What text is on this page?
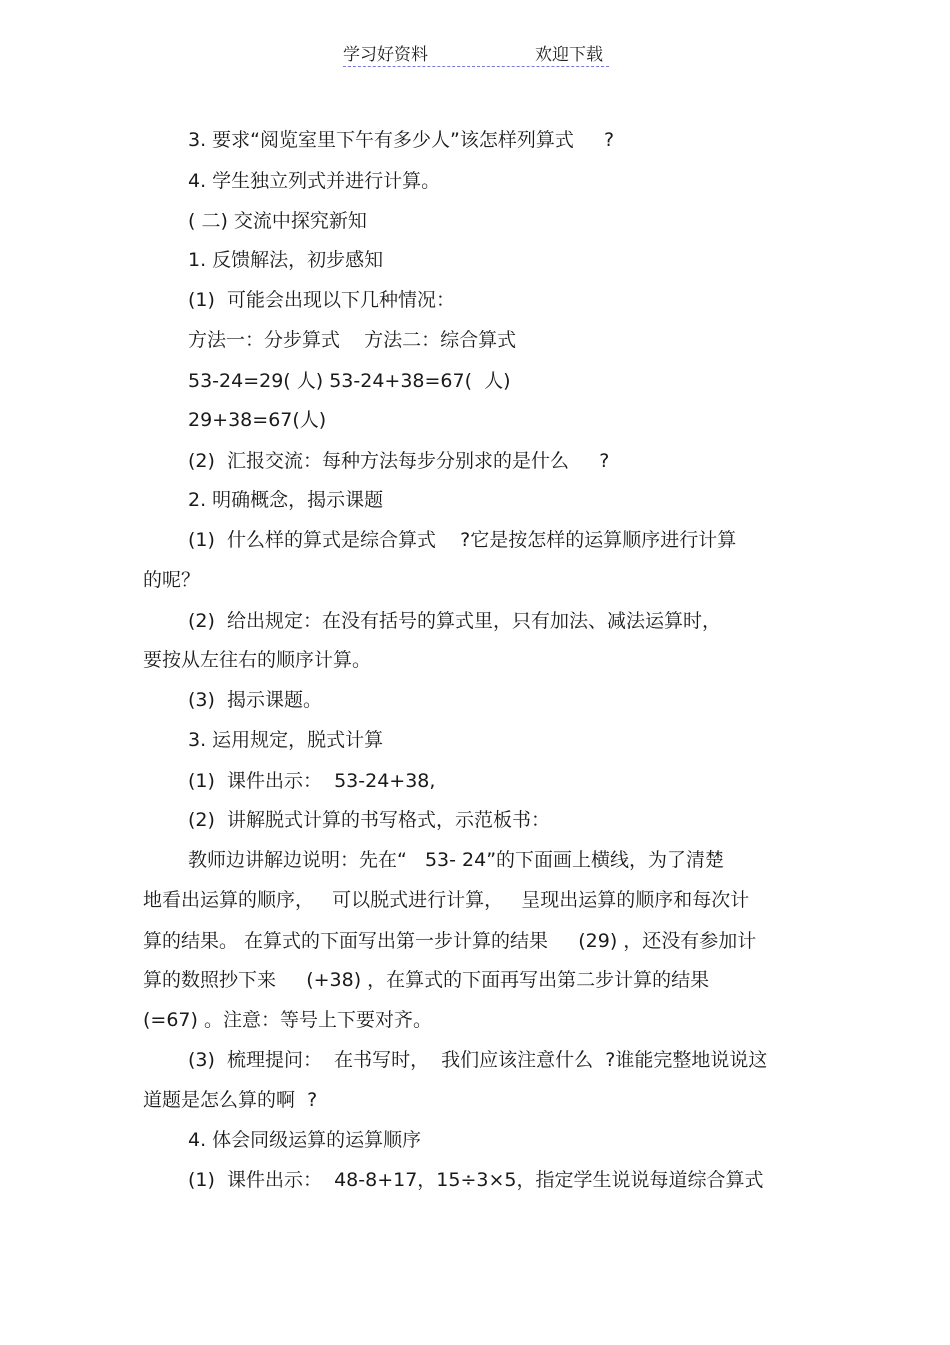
学习好资料	欢迎下载
3. 要求“阅览室里下午有多少人”该怎样列算式     ?
4. 学生独立列式并进行计算。
( 二) 交流中探究新知
1. 反馈解法，初步感知
(1)  可能会出现以下几种情况：
方法一：分步算式    方法二：综合算式
53-24=29( 人) 53-24+38=67(  人)
29+38=67(人)
(2)  汇报交流：每种方法每步分别求的是什么     ?
2. 明确概念，揭示课题
(1)  什么样的算式是综合算式    ?它是按怎样的运算顺序进行计算
的呢？
(2)  给出规定：在没有括号的算式里，只有加法、减法运算时，
要按从左往右的顺序计算。
(3)  揭示课题。
3. 运用规定，脱式计算
(1)  课件出示：  53-24+38,
(2)  讲解脱式计算的书写格式，示范板书：
教师边讲解边说明：先在“   53- 24”的下面画上横线，为了清楚
地看出运算的顺序，   可以脱式进行计算，   呈现出运算的顺序和每次计
算的结果。 在算式的下面写出第一步计算的结果     (29) ，还没有参加计
算的数照抄下来     (+38) ，在算式的下面再写出第二步计算的结果
(=67) 。注意：等号上下要对齐。
(3)  梳理提问：  在书写时，  我们应该注意什么  ?谁能完整地说说这
道题是怎么算的啊  ?
4. 体会同级运算的运算顺序
(1)  课件出示：  48-8+17，15÷3×5，指定学生说说每道综合算式
